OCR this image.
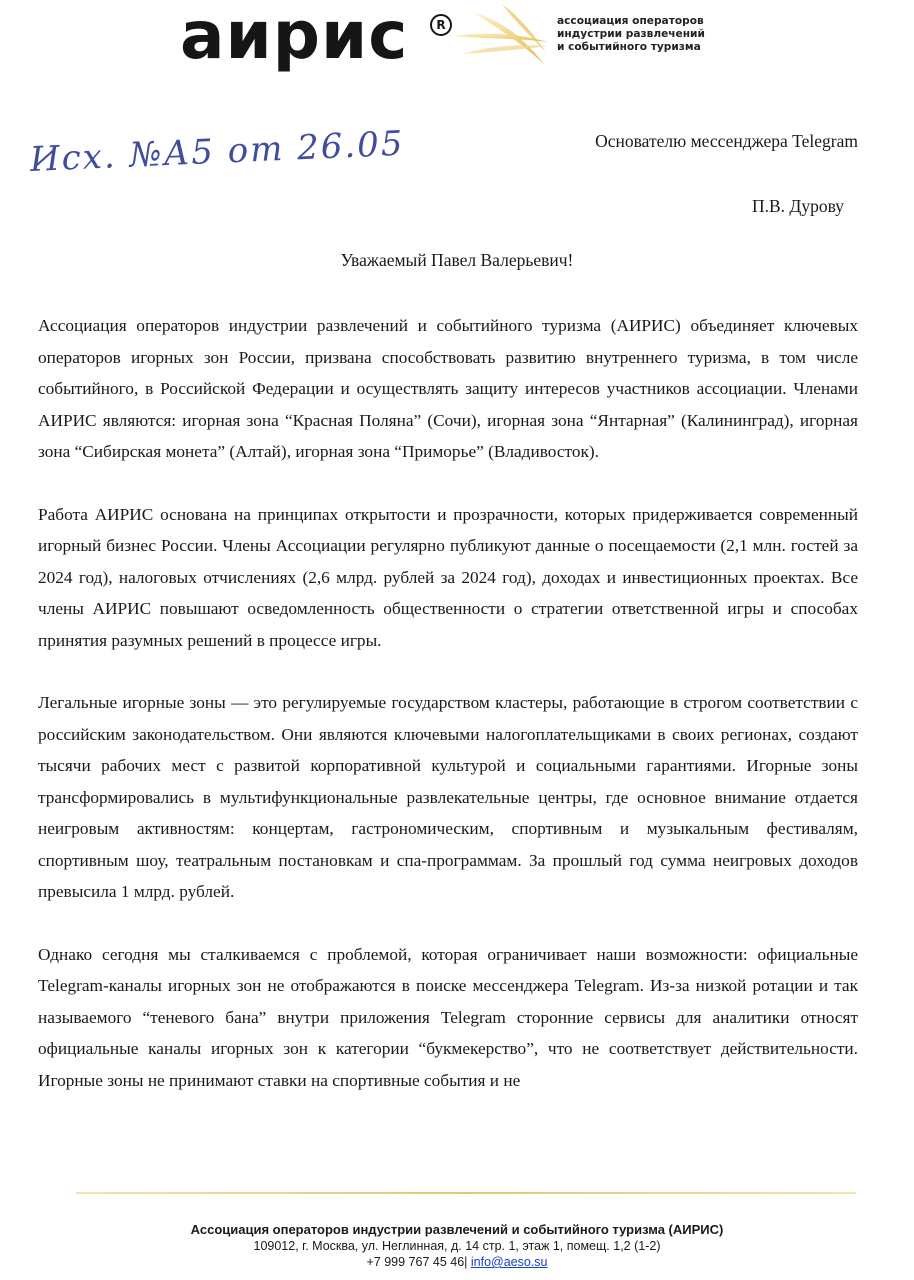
аирис	R	ассоциация операторов
индустрии развлечений
и событийного туризма
Исх. №А5 от 26.05	Основателю мессенджера Telegram
П.В. Дурову
Уважаемый Павел Валерьевич!

Ассоциация операторов индустрии развлечений и событийного туризма (АИРИС) объединяет ключевых операторов игорных зон России, призвана способствовать развитию внутреннего туризма, в том числе событийного, в Российской Федерации и осуществлять защиту интересов участников ассоциации. Членами АИРИС являются: игорная зона “Красная Поляна” (Сочи), игорная зона “Янтарная” (Калининград), игорная зона “Сибирская монета” (Алтай), игорная зона “Приморье” (Владивосток).

Работа АИРИС основана на принципах открытости и прозрачности, которых придерживается современный игорный бизнес России. Члены Ассоциации регулярно публикуют данные о посещаемости (2,1 млн. гостей за 2024 год), налоговых отчислениях (2,6 млрд. рублей за 2024 год), доходах и инвестиционных проектах. Все члены АИРИС повышают осведомленность общественности о стратегии ответственной игры и способах принятия разумных решений в процессе игры.

Легальные игорные зоны — это регулируемые государством кластеры, работающие в строгом соответствии с российским законодательством. Они являются ключевыми налогоплательщиками в своих регионах, создают тысячи рабочих мест с развитой корпоративной культурой и социальными гарантиями. Игорные зоны трансформировались в мультифункциональные развлекательные центры, где основное внимание отдается неигровым активностям: концертам, гастрономическим, спортивным и музыкальным фестивалям, спортивным шоу, театральным постановкам и спа-программам. За прошлый год сумма неигровых доходов превысила 1 млрд. рублей.

Однако сегодня мы сталкиваемся с проблемой, которая ограничивает наши возможности: официальные Telegram-каналы игорных зон не отображаются в поиске мессенджера Telegram. Из-за низкой ротации и так называемого “теневого бана” внутри приложения Telegram сторонние сервисы для аналитики относят официальные каналы игорных зон к категории “букмекерство”, что не соответствует действительности. Игорные зоны не принимают ставки на спортивные события и не

Ассоциация операторов индустрии развлечений и событийного туризма (АИРИС)
109012, г. Москва, ул. Неглинная, д. 14 стр. 1, этаж 1, помещ. 1,2 (1-2)
+7 999 767 45 46| info@aeso.su
